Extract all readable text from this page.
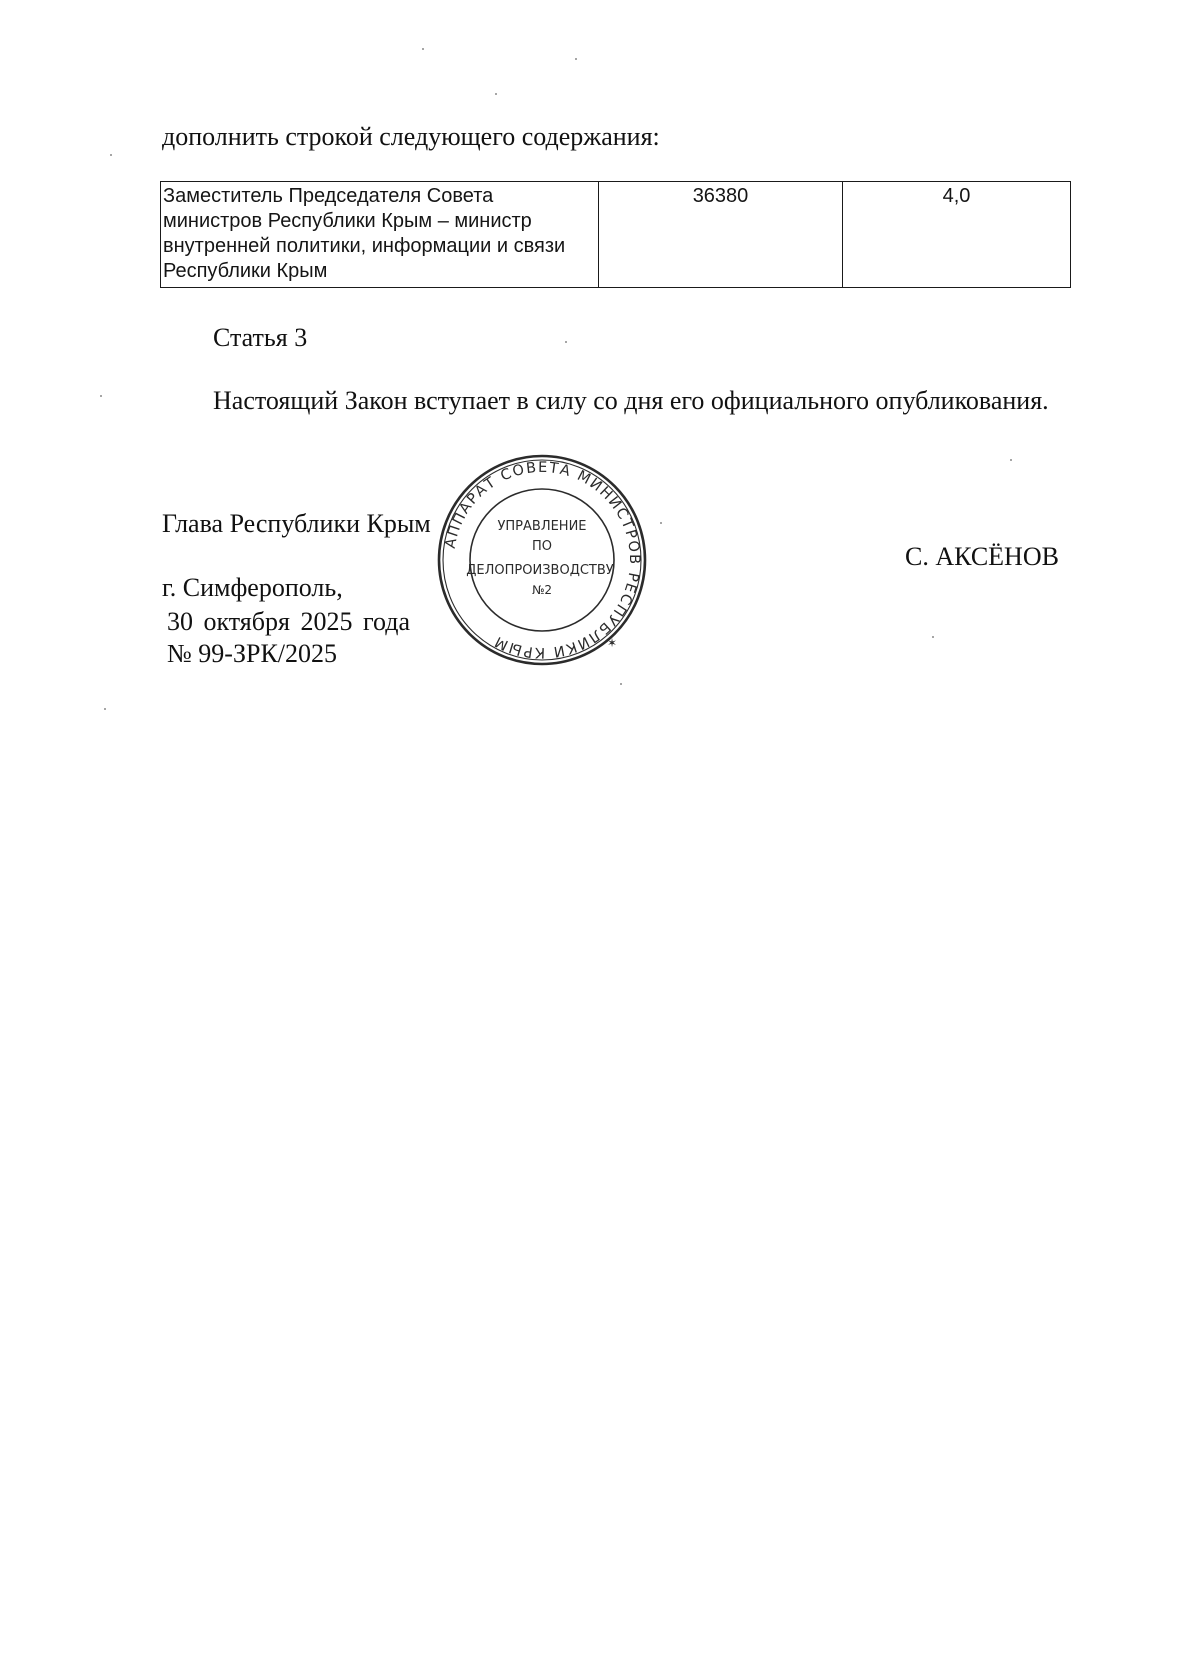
дополнить строкой следующего содержания:
Заместитель Председателя Совета
министров Республики Крым – министр
внутренней политики, информации и связи
Республики Крым
	36380	4,0
Статья 3
Настоящий Закон вступает в силу со дня его официального опубликования.
Глава Республики Крым
С. АКСЁНОВ
г. Симферополь,
30 октября 2025 года
№ 99-ЗРК/2025
АППАРАТ СОВЕТА МИНИСТРОВ РЕСПУБЛИКИ КРЫМ	✶
УПРАВЛЕНИЕ
ПО
ДЕЛОПРОИЗВОДСТВУ
№2
